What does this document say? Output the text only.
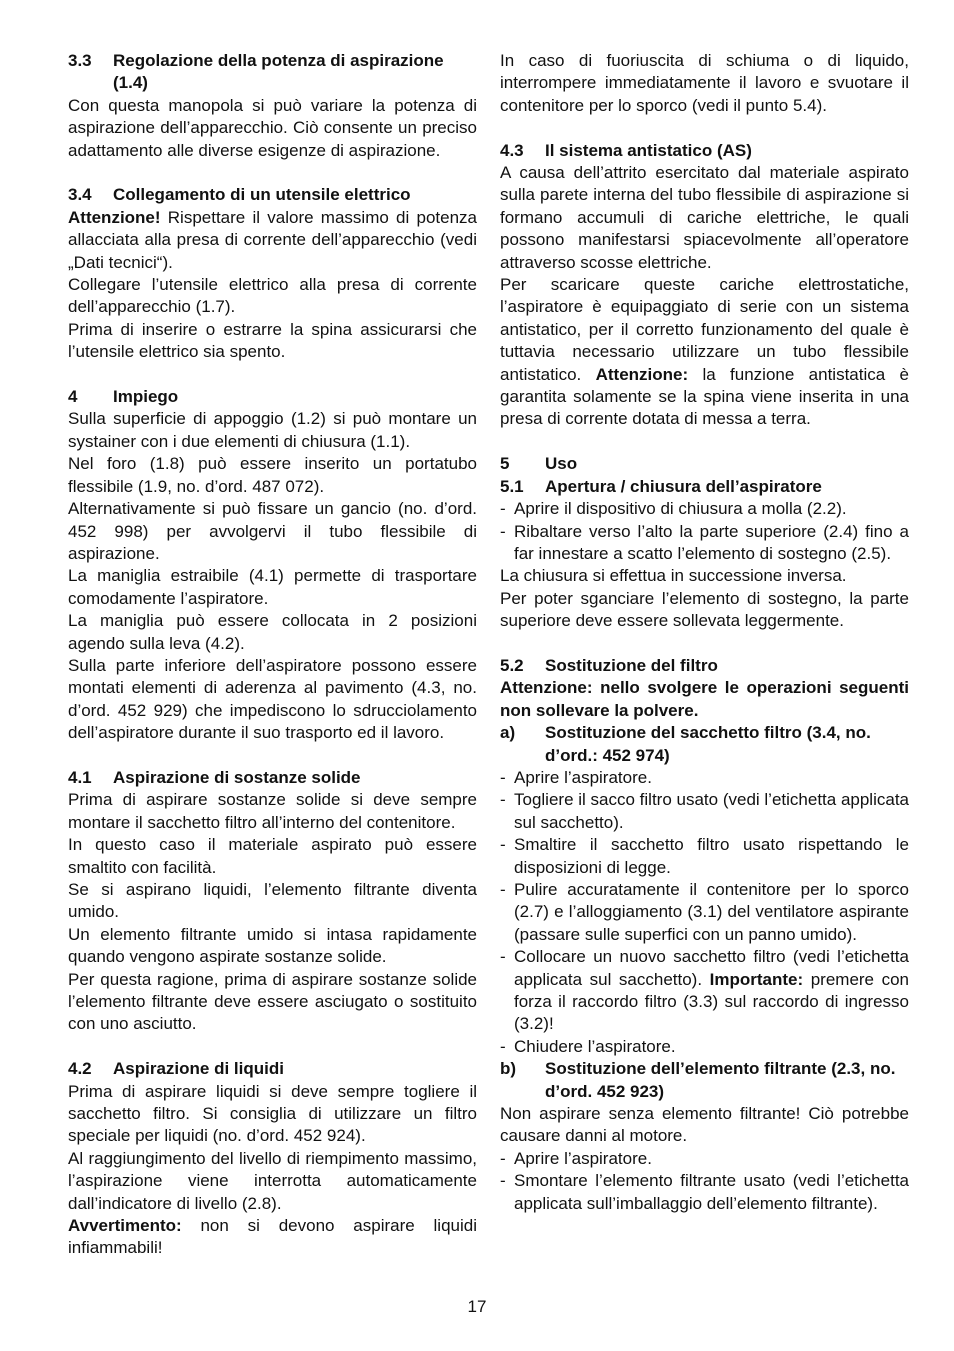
3.3	Regolazione della potenza di aspirazione (1.4)

Con questa manopola si può variare la potenza di aspirazione dell’apparecchio. Ciò consente un preciso adattamento alle diverse esigenze di aspirazione.

3.4	Collegamento di un utensile elettrico

Attenzione! Rispettare il valore massimo di potenza allacciata alla presa di corrente dell’apparecchio (vedi „Dati tecnici“).

Collegare l’utensile elettrico alla presa di corrente dell’apparecchio (1.7).

Prima di inserire o estrarre la spina assicurarsi che l’utensile elettrico sia spento.

4	Impiego

Sulla superficie di appoggio (1.2) si può montare un systainer con i due elementi di chiusura (1.1).

Nel foro (1.8) può essere inserito un portatubo flessibile (1.9, no. d’ord. 487 072).

Alternativamente si può fissare un gancio (no. d’ord. 452 998) per avvolgervi il tubo flessibile di aspirazione.

La maniglia estraibile (4.1) permette di trasportare comodamente l’aspiratore.

La maniglia può essere collocata in 2 posizioni agendo sulla leva (4.2).

Sulla parte inferiore dell’aspiratore possono essere montati elementi di aderenza al pavimento (4.3, no. d’ord. 452 929) che impediscono lo sdrucciolamento dell’aspiratore durante il suo trasporto ed il lavoro.

4.1	Aspirazione di sostanze solide

Prima di aspirare sostanze solide si deve sempre montare il sacchetto filtro all’interno del contenitore.

In questo caso il materiale aspirato può essere smaltito con facilità.

Se si aspirano liquidi, l’elemento filtrante diventa umido.

Un elemento filtrante umido si intasa rapidamente quando vengono aspirate sostanze solide.

Per questa ragione, prima di aspirare sostanze solide l’elemento filtrante deve essere asciugato o sostituito con uno asciutto.

4.2	Aspirazione di liquidi

Prima di aspirare liquidi si deve sempre togliere il sacchetto filtro. Si consiglia di utilizzare un filtro speciale per liquidi (no. d’ord. 452 924).

Al raggiungimento del livello di riempimento massimo, l’aspirazione viene interrotta automaticamente dall’indicatore di livello (2.8).

Avvertimento: non si devono aspirare liquidi infiammabili!

In caso di fuoriuscita di schiuma o di liquido, interrompere immediatamente il lavoro e svuotare il contenitore per lo sporco (vedi il punto 5.4).

4.3	Il sistema antistatico (AS)

A causa dell’attrito esercitato dal materiale aspirato sulla parete interna del tubo flessibile di aspirazione si formano accumuli di cariche elettriche, le quali possono manifestarsi spiacevolmente all’operatore attraverso scosse elettriche.

Per scaricare queste cariche elettrostatiche, l’aspiratore è equipaggiato di serie con un sistema antistatico, per il corretto funzionamento del quale è tuttavia necessario utilizzare un tubo flessibile antistatico. Attenzione: la funzione antistatica è garantita solamente se la spina viene inserita in una presa di corrente dotata di messa a terra.

5	Uso
5.1	Apertura / chiusura dell’aspiratore
- Aprire il dispositivo di chiusura a molla (2.2).
- Ribaltare verso l’alto la parte superiore (2.4) fino a far innestare a scatto l’elemento di sostegno (2.5).

La chiusura si effettua in successione inversa.

Per poter sganciare l’elemento di sostegno, la parte superiore deve essere sollevata leggermente.

5.2	Sostituzione del filtro

Attenzione: nello svolgere le operazioni seguenti non sollevare la polvere.

a)	Sostituzione del sacchetto filtro (3.4, no. d’ord.: 452 974)
- Aprire l’aspiratore.
- Togliere il sacco filtro usato (vedi l’etichetta applicata sul sacchetto).
- Smaltire il sacchetto filtro usato rispettando le disposizioni di legge.
- Pulire accuratamente il contenitore per lo sporco (2.7) e l’alloggiamento (3.1) del ventilatore aspirante (passare sulle superfici con un panno umido).
- Collocare un nuovo sacchetto filtro (vedi l’etichetta applicata sul sacchetto). Importante: premere con forza il raccordo filtro (3.3) sul raccordo di ingresso (3.2)!
- Chiudere l’aspiratore.
b)	Sostituzione dell’elemento filtrante (2.3, no. d’ord. 452 923)

Non aspirare senza elemento filtrante! Ciò potrebbe causare danni al motore.

- Aprire l’aspiratore.
- Smontare l’elemento filtrante usato (vedi l’etichetta applicata sull’imballaggio dell’elemento filtrante).
17
